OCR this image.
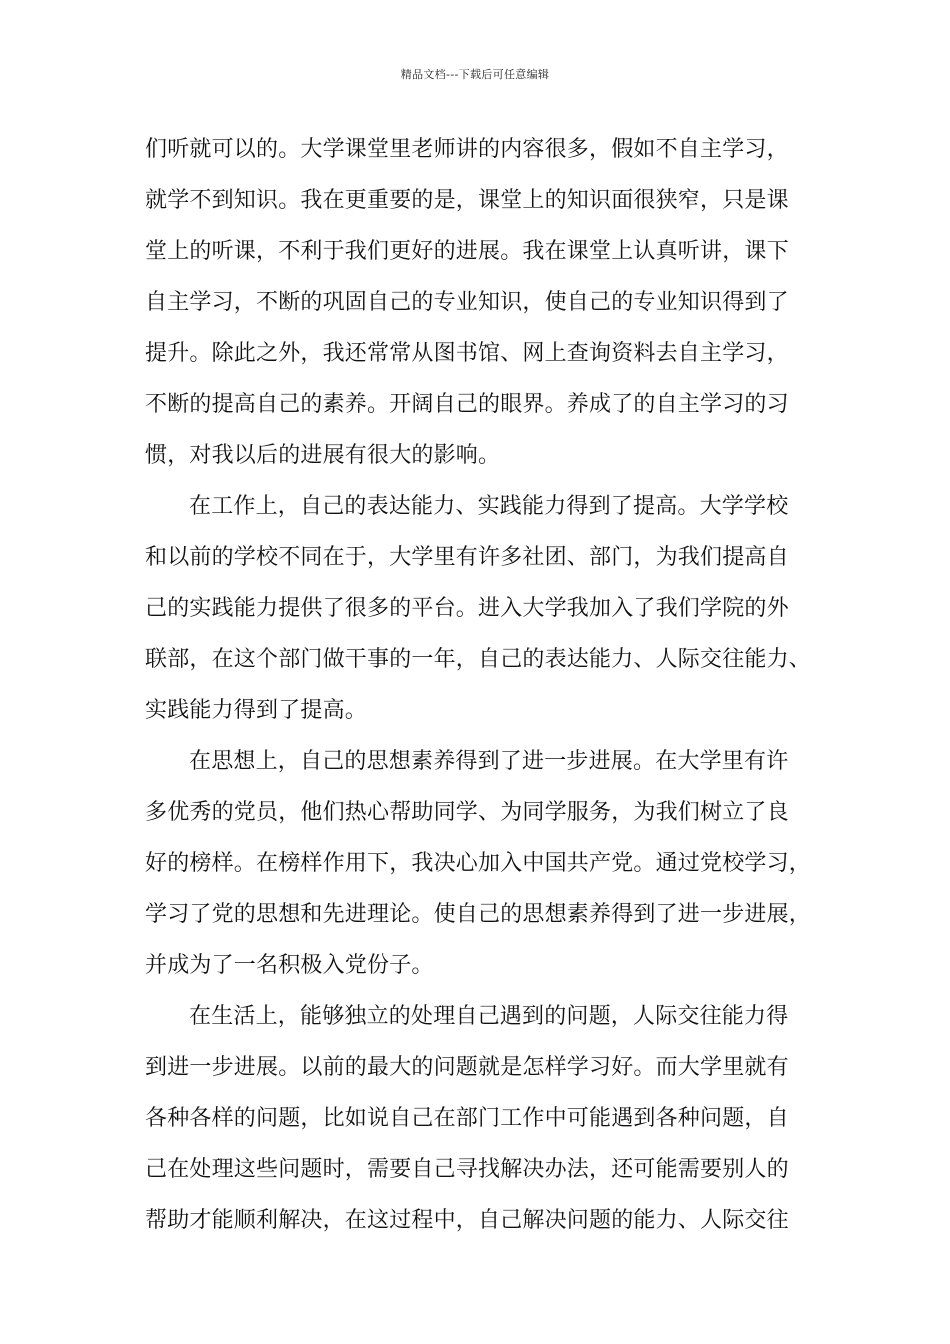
精品文档---下载后可任意编辑
们听就可以的。大学课堂里老师讲的内容很多，假如不自主学习，
就学不到知识。我在更重要的是，课堂上的知识面很狭窄，只是课
堂上的听课，不利于我们更好的进展。我在课堂上认真听讲，课下
自主学习，不断的巩固自己的专业知识，使自己的专业知识得到了
提升。除此之外，我还常常从图书馆、网上查询资料去自主学习，
不断的提高自己的素养。开阔自己的眼界。养成了的自主学习的习
惯，对我以后的进展有很大的影响。
在工作上，自己的表达能力、实践能力得到了提高。大学学校
和以前的学校不同在于，大学里有许多社团、部门，为我们提高自
己的实践能力提供了很多的平台。进入大学我加入了我们学院的外
联部，在这个部门做干事的一年，自己的表达能力、人际交往能力、
实践能力得到了提高。
在思想上，自己的思想素养得到了进一步进展。在大学里有许
多优秀的党员，他们热心帮助同学、为同学服务，为我们树立了良
好的榜样。在榜样作用下，我决心加入中国共产党。通过党校学习，
学习了党的思想和先进理论。使自己的思想素养得到了进一步进展，
并成为了一名积极入党份子。
在生活上，能够独立的处理自己遇到的问题，人际交往能力得
到进一步进展。以前的最大的问题就是怎样学习好。而大学里就有
各种各样的问题，比如说自己在部门工作中可能遇到各种问题，自
己在处理这些问题时，需要自己寻找解决办法，还可能需要别人的
帮助才能顺利解决，在这过程中，自己解决问题的能力、人际交往
